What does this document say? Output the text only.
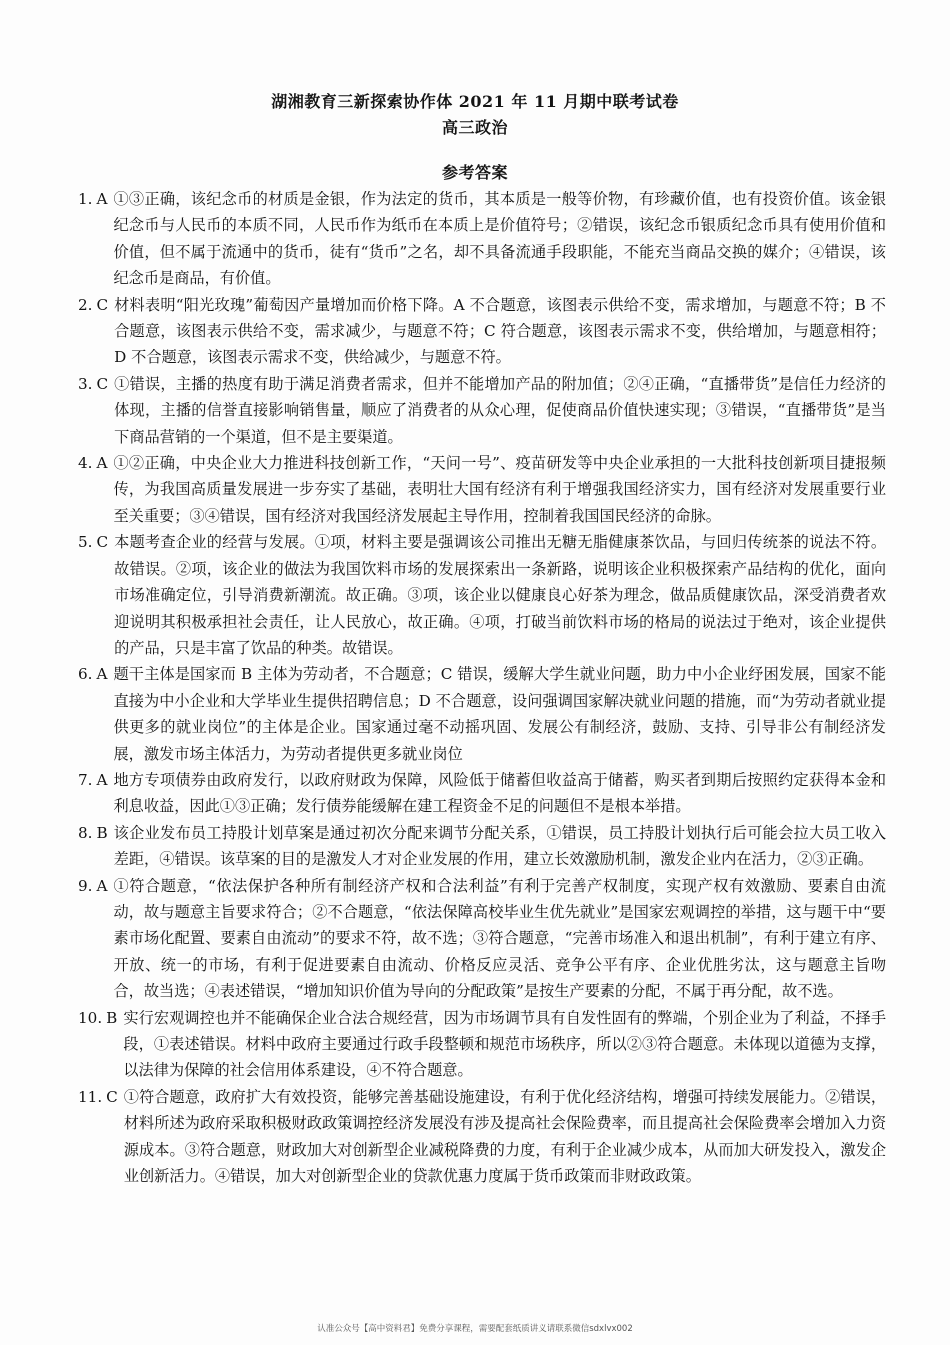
湖湘教育三新探索协作体 2021 年 11 月期中联考试卷
高三政治
参考答案
1. A ①③正确，该纪念币的材质是金银，作为法定的货币，其本质是一般等价物，有珍藏价值，也有投资价值。该金银纪念币与人民币的本质不同，人民币作为纸币在本质上是价值符号；②错误，该纪念币银质纪念币具有使用价值和价值，但不属于流通中的货币，徒有“货币”之名，却不具备流通手段职能，不能充当商品交换的媒介；④错误，该纪念币是商品，有价值。
2. C 材料表明“阳光玫瑰”葡萄因产量增加而价格下降。A 不合题意，该图表示供给不变，需求增加，与题意不符；B 不合题意，该图表示供给不变，需求减少，与题意不符；C 符合题意，该图表示需求不变，供给增加，与题意相符；D 不合题意，该图表示需求不变，供给减少，与题意不符。
3. C ①错误，主播的热度有助于满足消费者需求，但并不能增加产品的附加值；②④正确，“直播带货”是信任力经济的体现，主播的信誉直接影响销售量，顺应了消费者的从众心理，促使商品价值快速实现；③错误，“直播带货”是当下商品营销的一个渠道，但不是主要渠道。
4. A ①②正确，中央企业大力推进科技创新工作，“天问一号”、疫苗研发等中央企业承担的一大批科技创新项目捷报频传，为我国高质量发展进一步夯实了基础，表明壮大国有经济有利于增强我国经济实力，国有经济对发展重要行业至关重要；③④错误，国有经济对我国经济发展起主导作用，控制着我国国民经济的命脉。
5. C 本题考查企业的经营与发展。①项，材料主要是强调该公司推出无糖无脂健康茶饮品，与回归传统茶的说法不符。故错误。②项，该企业的做法为我国饮料市场的发展探索出一条新路，说明该企业积极探索产品结构的优化，面向市场准确定位，引导消费新潮流。故正确。③项，该企业以健康良心好茶为理念，做品质健康饮品，深受消费者欢迎说明其积极承担社会责任，让人民放心，故正确。④项，打破当前饮料市场的格局的说法过于绝对，该企业提供的产品，只是丰富了饮品的种类。故错误。
6. A 题干主体是国家而 B 主体为劳动者，不合题意；C 错误，缓解大学生就业问题，助力中小企业纾困发展，国家不能直接为中小企业和大学毕业生提供招聘信息；D 不合题意，设问强调国家解决就业问题的措施，而“为劳动者就业提供更多的就业岗位”的主体是企业。国家通过毫不动摇巩固、发展公有制经济，鼓励、支持、引导非公有制经济发展，激发市场主体活力，为劳动者提供更多就业岗位
7. A 地方专项债券由政府发行，以政府财政为保障，风险低于储蓄但收益高于储蓄，购买者到期后按照约定获得本金和利息收益，因此①③正确；发行债券能缓解在建工程资金不足的问题但不是根本举措。
8. B 该企业发布员工持股计划草案是通过初次分配来调节分配关系，①错误，员工持股计划执行后可能会拉大员工收入差距，④错误。该草案的目的是激发人才对企业发展的作用，建立长效激励机制，激发企业内在活力，②③正确。
9. A ①符合题意，“依法保护各种所有制经济产权和合法利益”有利于完善产权制度，实现产权有效激励、要素自由流动，故与题意主旨要求符合；②不合题意，“依法保障高校毕业生优先就业”是国家宏观调控的举措，这与题干中“要素市场化配置、要素自由流动”的要求不符，故不选；③符合题意，“完善市场准入和退出机制”，有利于建立有序、开放、统一的市场，有利于促进要素自由流动、价格反应灵活、竞争公平有序、企业优胜劣汰，这与题意主旨吻合，故当选；④表述错误，“增加知识价值为导向的分配政策”是按生产要素的分配，不属于再分配，故不选。
10. B 实行宏观调控也并不能确保企业合法合规经营，因为市场调节具有自发性固有的弊端，个别企业为了利益，不择手段，①表述错误。材料中政府主要通过行政手段整顿和规范市场秩序，所以②③符合题意。未体现以道德为支撑，以法律为保障的社会信用体系建设，④不符合题意。
11. C ①符合题意，政府扩大有效投资，能够完善基础设施建设，有利于优化经济结构，增强可持续发展能力。②错误，材料所述为政府采取积极财政政策调控经济发展没有涉及提高社会保险费率，而且提高社会保险费率会增加入力资源成本。③符合题意，财政加大对创新型企业减税降费的力度，有利于企业减少成本，从而加大研发投入，激发企业创新活力。④错误，加大对创新型企业的贷款优惠力度属于货币政策而非财政政策。
认准公众号【高中资料君】免费分享课程，需要配套纸质讲义请联系微信sdxlvx002
